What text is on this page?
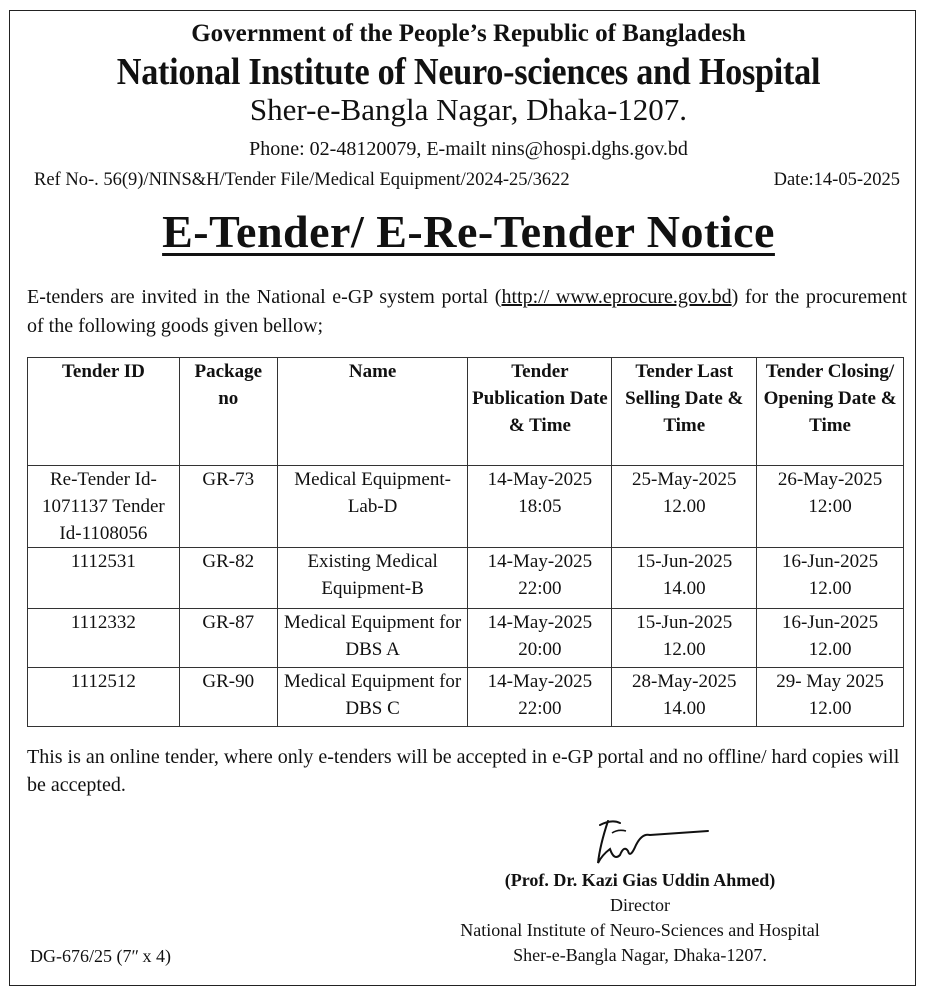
Government of the People’s Republic of Bangladesh
National Institute of Neuro-sciences and Hospital
Sher-e-Bangla Nagar, Dhaka-1207.
Phone: 02-48120079, E-mailt nins@hospi.dghs.gov.bd
Ref No-. 56(9)/NINS&H/Tender File/Medical Equipment/2024-25/3622	Date:14-05-2025
E-Tender/ E-Re-Tender Notice
E-tenders are invited in the National e-GP system portal (http:// www.eprocure.gov.bd) for the procurement of the following goods given bellow;
Tender ID	Package no	Name	Tender Publication Date & Time	Tender Last Selling Date & Time	Tender Closing/ Opening Date & Time
Re-Tender Id-1071137 Tender Id-1108056	GR-73	Medical Equipment-Lab-D	14-May-2025 18:05	25-May-2025 12.00	26-May-2025 12:00
1112531	GR-82	Existing Medical Equipment-B	14-May-2025 22:00	15-Jun-2025 14.00	16-Jun-2025 12.00
1112332	GR-87	Medical Equipment for DBS A	14-May-2025 20:00	15-Jun-2025 12.00	16-Jun-2025 12.00
1112512	GR-90	Medical Equipment for DBS C	14-May-2025 22:00	28-May-2025 14.00	29- May 2025 12.00
This is an online tender, where only e-tenders will be accepted in e-GP portal and no offline/ hard copies will be accepted.
(Prof. Dr. Kazi Gias Uddin Ahmed)
Director
National Institute of Neuro-Sciences and Hospital
Sher-e-Bangla Nagar, Dhaka-1207.
DG-676/25 (7ʺ x 4)
